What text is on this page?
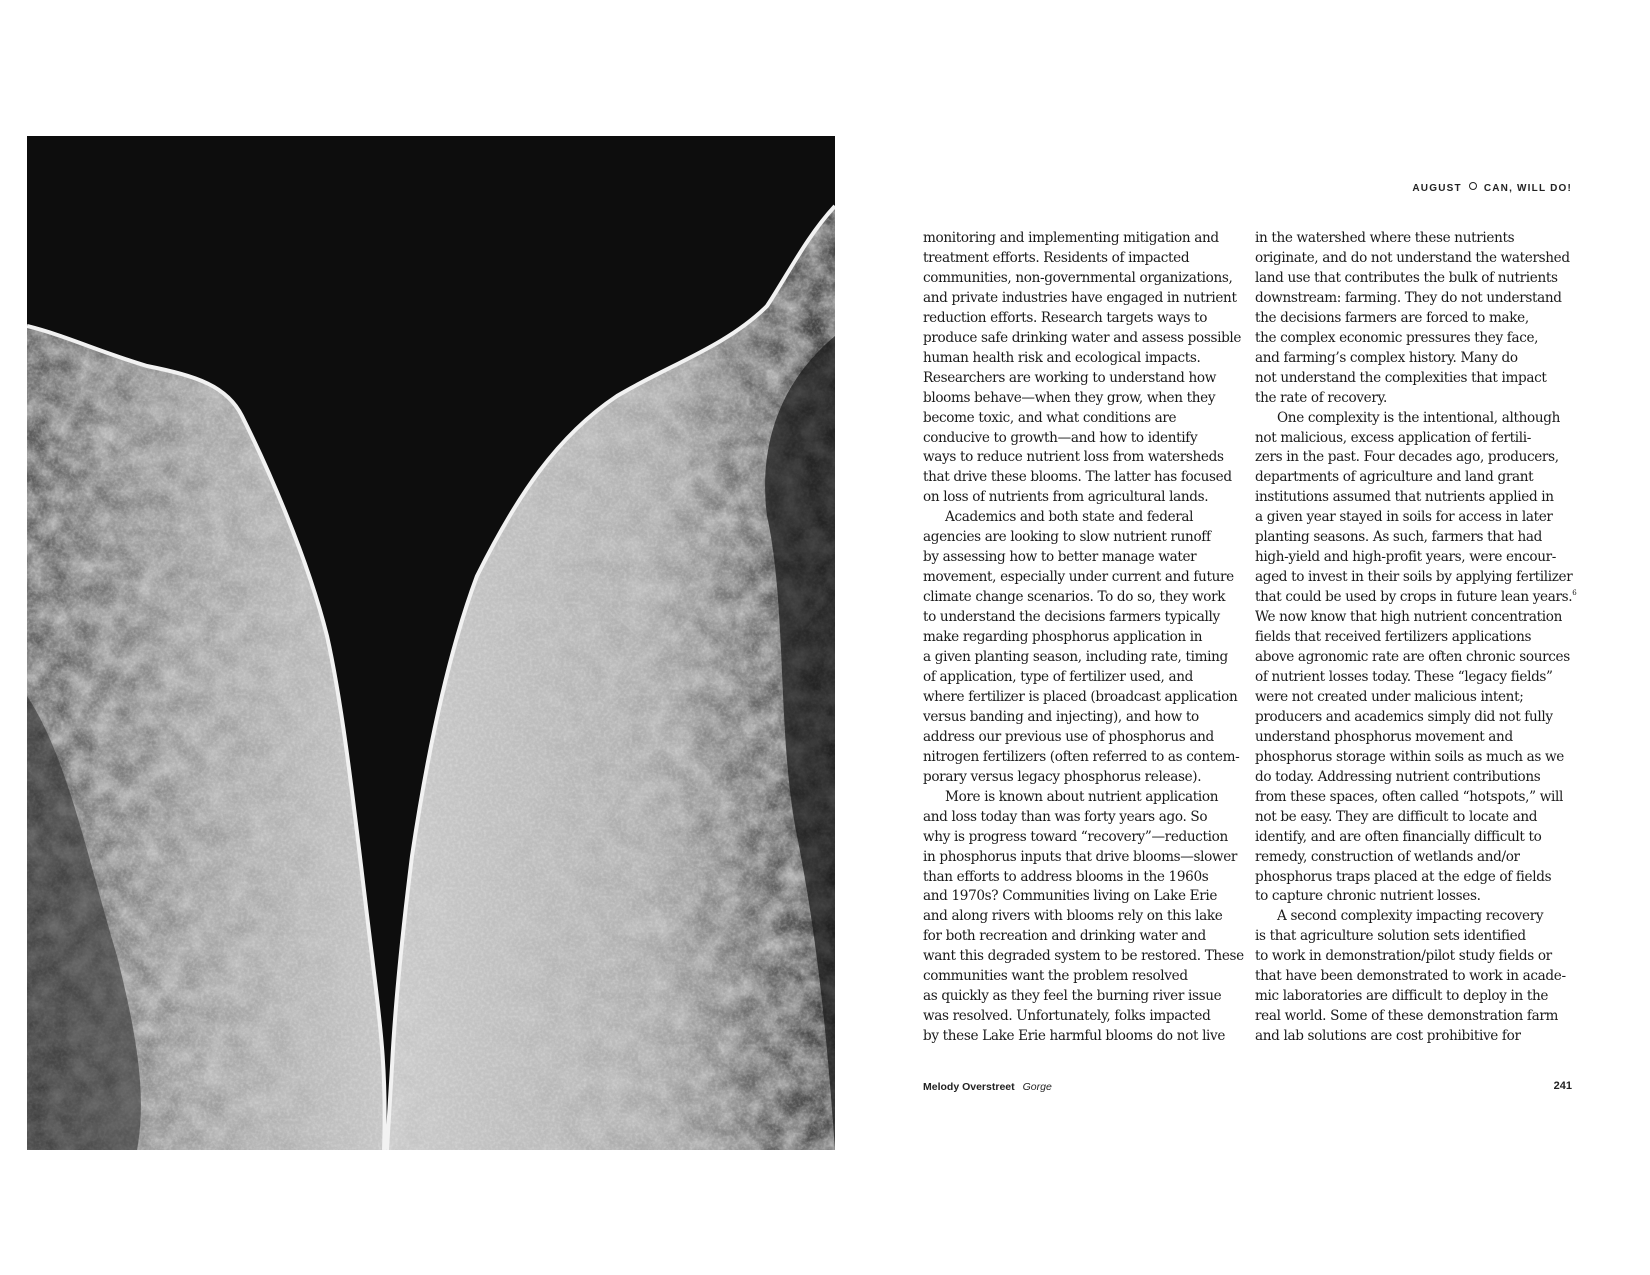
AUGUST CAN, WILL DO!
monitoring and implementing mitigation and
treatment efforts. Residents of impacted
communities, non-governmental organizations,
and private industries have engaged in nutrient
reduction efforts. Research targets ways to
produce safe drinking water and assess possible
human health risk and ecological impacts.
Researchers are working to understand how
blooms behave—when they grow, when they
become toxic, and what conditions are
conducive to growth—and how to identify
ways to reduce nutrient loss from watersheds
that drive these blooms. The latter has focused
on loss of nutrients from agricultural lands.
Academics and both state and federal
agencies are looking to slow nutrient runoff
by assessing how to better manage water
movement, especially under current and future
climate change scenarios. To do so, they work
to understand the decisions farmers typically
make regarding phosphorus application in
a given planting season, including rate, timing
of application, type of fertilizer used, and
where fertilizer is placed (broadcast application
versus banding and injecting), and how to
address our previous use of phosphorus and
nitrogen fertilizers (often referred to as contem-
porary versus legacy phosphorus release).
More is known about nutrient application
and loss today than was forty years ago. So
why is progress toward “recovery”—reduction
in phosphorus inputs that drive blooms—slower
than efforts to address blooms in the 1960s
and 1970s? Communities living on Lake Erie
and along rivers with blooms rely on this lake
for both recreation and drinking water and
want this degraded system to be restored. These
communities want the problem resolved
as quickly as they feel the burning river issue
was resolved. Unfortunately, folks impacted
by these Lake Erie harmful blooms do not live
in the watershed where these nutrients
originate, and do not understand the watershed
land use that contributes the bulk of nutrients
downstream: farming. They do not understand
the decisions farmers are forced to make,
the complex economic pressures they face,
and farming’s complex history. Many do
not understand the complexities that impact
the rate of recovery.
One complexity is the intentional, although
not malicious, excess application of fertili-
zers in the past. Four decades ago, producers,
departments of agriculture and land grant
institutions assumed that nutrients applied in
a given year stayed in soils for access in later
planting seasons. As such, farmers that had
high-yield and high-profit years, were encour-
aged to invest in their soils by applying fertilizer
that could be used by crops in future lean years.$^6$
We now know that high nutrient concentration
fields that received fertilizers applications
above agronomic rate are often chronic sources
of nutrient losses today. These “legacy fields”
were not created under malicious intent;
producers and academics simply did not fully
understand phosphorus movement and
phosphorus storage within soils as much as we
do today. Addressing nutrient contributions
from these spaces, often called “hotspots,” will
not be easy. They are difficult to locate and
identify, and are often financially difficult to
remedy, construction of wetlands and/or
phosphorus traps placed at the edge of fields
to capture chronic nutrient losses.
A second complexity impacting recovery
is that agriculture solution sets identified
to work in demonstration/pilot study fields or
that have been demonstrated to work in acade-
mic laboratories are difficult to deploy in the
real world. Some of these demonstration farm
and lab solutions are cost prohibitive for
Melody Overstreet Gorge	241
